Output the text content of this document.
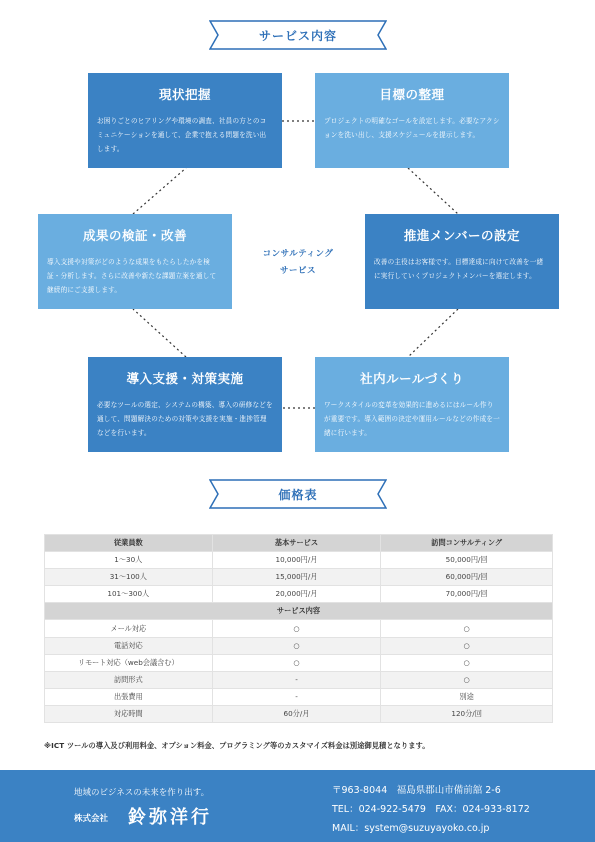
サービス内容
現状把握

お困りごとのヒアリングや環境の調査、社員の方とのコミュニケーションを通して、企業で抱える問題を洗い出します。

目標の整理

プロジェクトの明確なゴールを設定します。必要なアクションを洗い出し、支援スケジュールを提示します。

成果の検証・改善

導入支援や対策がどのような成果をもたらしたかを検証・分析します。さらに改善や新たな課題立案を通して継続的にご支援します。

推進メンバーの設定

改善の主役はお客様です。目標達成に向けて改善を一緒に実行していくプロジェクトメンバーを選定します。

導入支援・対策実施

必要なツールの選定、システムの構築、導入の研修などを通して、問題解決のための対策や支援を実施・進捗管理などを行います。

社内ルールづくり

ワークスタイルの変革を効果的に進めるにはルール作りが重要です。導入範囲の決定や運用ルールなどの作成を一緒に行います。

コンサルティング
サービス
価格表
従業員数	基本サービス	訪問コンサルティング
1〜30人	10,000円/月	50,000円/回
31〜100人	15,000円/月	60,000円/回
101〜300人	20,000円/月	70,000円/回
サービス内容		
メール対応	○	○
電話対応	○	○
リモート対応（web会議含む）	○	○
訪問形式	-	○
出張費用	-	別途
対応時間	60分/月	120分/回
※ICT ツールの導入及び利用料金、オプション料金、プログラミング等のカスタマイズ料金は別途御見積となります。
地域のビジネスの未来を作り出す。
株式会社 鈴弥洋行
〒963-8044　福島県郡山市備前舘 2-6
TEL：024-922-5479　FAX：024-933-8172
MAIL：system@suzuyayoko.co.jp
